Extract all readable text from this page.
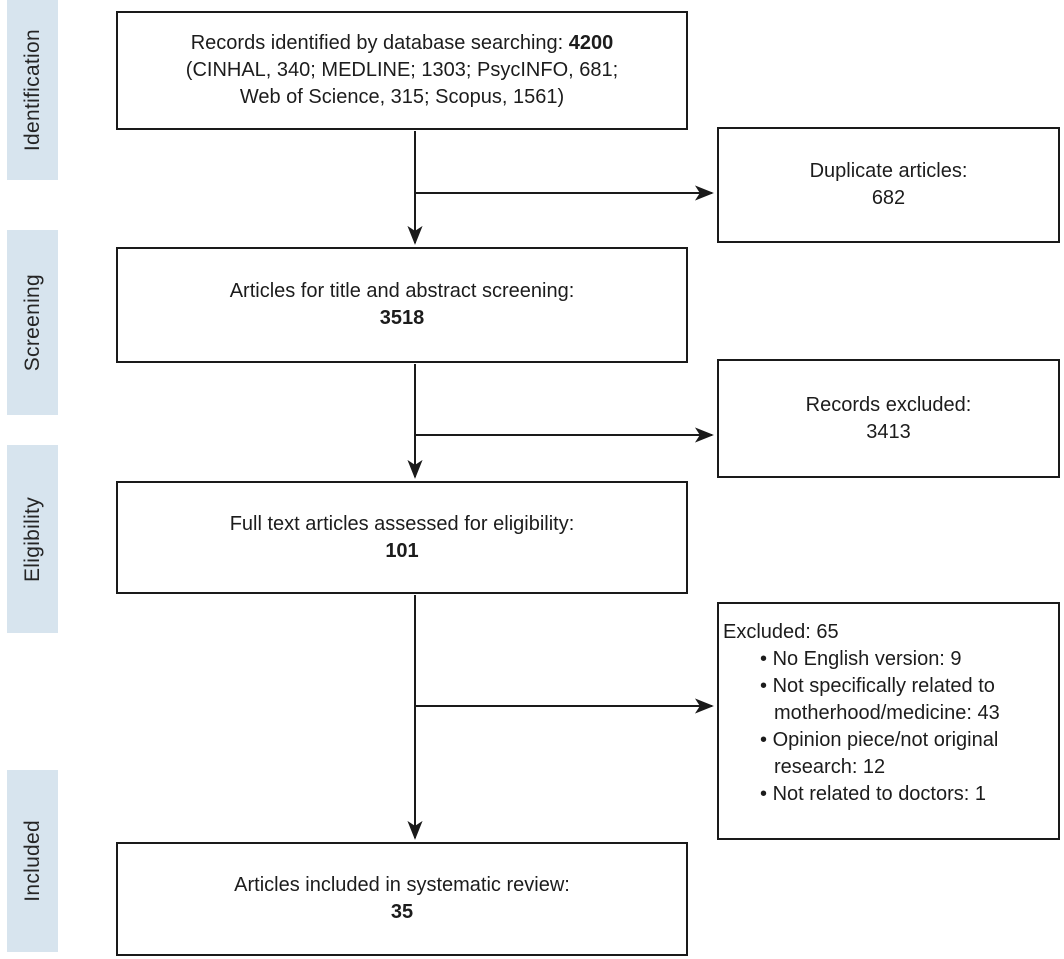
Identification
Screening
Eligibility
Included
Records identified by database searching: 4200
(CINHAL, 340; MEDLINE; 1303; PsycINFO, 681;
Web of Science, 315; Scopus, 1561)
Articles for title and abstract screening:
3518
Full text articles assessed for eligibility:
101
Articles included in systematic review:
35
Duplicate articles:
682
Records excluded:
3413
Excluded: 65
• No English version: 9
• Not specifically related to motherhood/medicine: 43
• Opinion piece/not original research: 12
• Not related to doctors: 1
